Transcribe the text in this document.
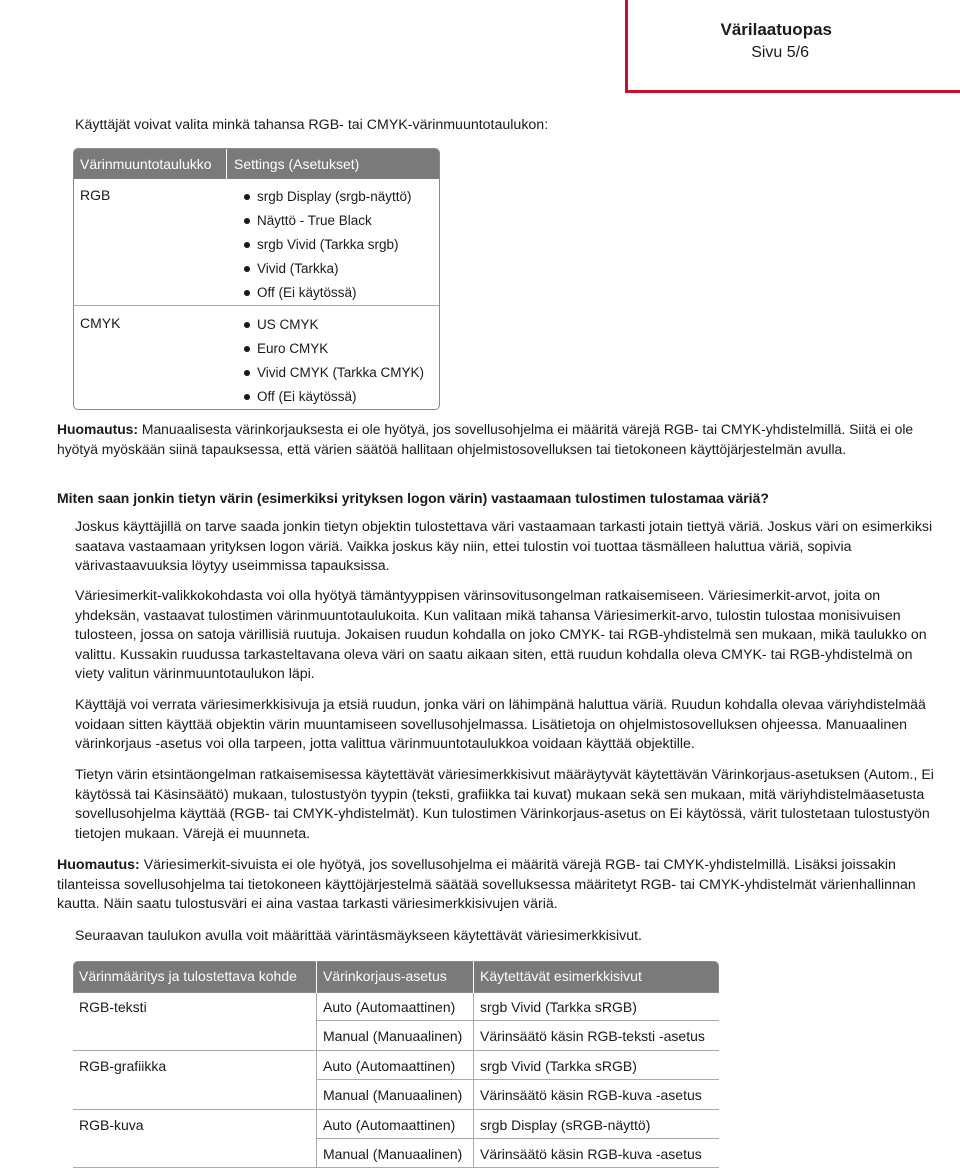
Värilaatuopas
Sivu 5/6

Käyttäjät voivat valita minkä tahansa RGB- tai CMYK-värinmuuntotaulukon:

Värinmuuntotaulukko Settings (Asetukset)
RGB	srgb Display (srgb-näyttö)
Näyttö - True Black
srgb Vivid (Tarkka srgb)
Vivid (Tarkka)
Off (Ei käytössä)
CMYK	US CMYK
Euro CMYK
Vivid CMYK (Tarkka CMYK)
Off (Ei käytössä)

Huomautus: Manuaalisesta värinkorjauksesta ei ole hyötyä, jos sovellusohjelma ei määritä värejä RGB- tai CMYK-yhdistelmillä. Siitä ei ole hyötyä myöskään siinä tapauksessa, että värien säätöä hallitaan ohjelmistosovelluksen tai tietokoneen käyttöjärjestelmän avulla.

Miten saan jonkin tietyn värin (esimerkiksi yrityksen logon värin) vastaamaan tulostimen tulostamaa väriä?

Joskus käyttäjillä on tarve saada jonkin tietyn objektin tulostettava väri vastaamaan tarkasti jotain tiettyä väriä. Joskus väri on esimerkiksi saatava vastaamaan yrityksen logon väriä. Vaikka joskus käy niin, ettei tulostin voi tuottaa täsmälleen haluttua väriä, sopivia värivastaavuuksia löytyy useimmissa tapauksissa.

Väriesimerkit-valikkokohdasta voi olla hyötyä tämäntyyppisen värinsovitusongelman ratkaisemiseen. Väriesimerkit-arvot, joita on yhdeksän, vastaavat tulostimen värinmuuntotaulukoita. Kun valitaan mikä tahansa Väriesimerkit-arvo, tulostin tulostaa monisivuisen tulosteen, jossa on satoja värillisiä ruutuja. Jokaisen ruudun kohdalla on joko CMYK- tai RGB-yhdistelmä sen mukaan, mikä taulukko on valittu. Kussakin ruudussa tarkasteltavana oleva väri on saatu aikaan siten, että ruudun kohdalla oleva CMYK- tai RGB-yhdistelmä on viety valitun värinmuuntotaulukon läpi.

Käyttäjä voi verrata väriesimerkkisivuja ja etsiä ruudun, jonka väri on lähimpänä haluttua väriä. Ruudun kohdalla olevaa väriyhdistelmää voidaan sitten käyttää objektin värin muuntamiseen sovellusohjelmassa. Lisätietoja on ohjelmistosovelluksen ohjeessa. Manuaalinen värinkorjaus -asetus voi olla tarpeen, jotta valittua värinmuuntotaulukkoa voidaan käyttää objektille.

Tietyn värin etsintäongelman ratkaisemisessa käytettävät väriesimerkkisivut määräytyvät käytettävän Värinkorjaus-asetuksen (Autom., Ei käytössä tai Käsinsäätö) mukaan, tulostustyön tyypin (teksti, grafiikka tai kuvat) mukaan sekä sen mukaan, mitä väriyhdistelmäasetusta sovellusohjelma käyttää (RGB- tai CMYK-yhdistelmät). Kun tulostimen Värinkorjaus-asetus on Ei käytössä, värit tulostetaan tulostustyön tietojen mukaan. Värejä ei muunneta.

Huomautus: Väriesimerkit-sivuista ei ole hyötyä, jos sovellusohjelma ei määritä värejä RGB- tai CMYK-yhdistelmillä. Lisäksi joissakin tilanteissa sovellusohjelma tai tietokoneen käyttöjärjestelmä säätää sovelluksessa määritetyt RGB- tai CMYK-yhdistelmät värienhallinnan kautta. Näin saatu tulostusväri ei aina vastaa tarkasti väriesimerkkisivujen väriä.

Seuraavan taulukon avulla voit määrittää värintäsmäykseen käytettävät väriesimerkkisivut.

Värinmääritys ja tulostettava kohde Värinkorjaus-asetus Käytettävät esimerkkisivut
RGB-teksti	Auto (Automaattinen) srgb Vivid (Tarkka sRGB)
Manual (Manuaalinen) Värinsäätö käsin RGB-teksti -asetus
RGB-grafiikka	Auto (Automaattinen) srgb Vivid (Tarkka sRGB)
Manual (Manuaalinen) Värinsäätö käsin RGB-kuva -asetus
RGB-kuva	Auto (Automaattinen) srgb Display (sRGB-näyttö)
Manual (Manuaalinen) Värinsäätö käsin RGB-kuva -asetus
